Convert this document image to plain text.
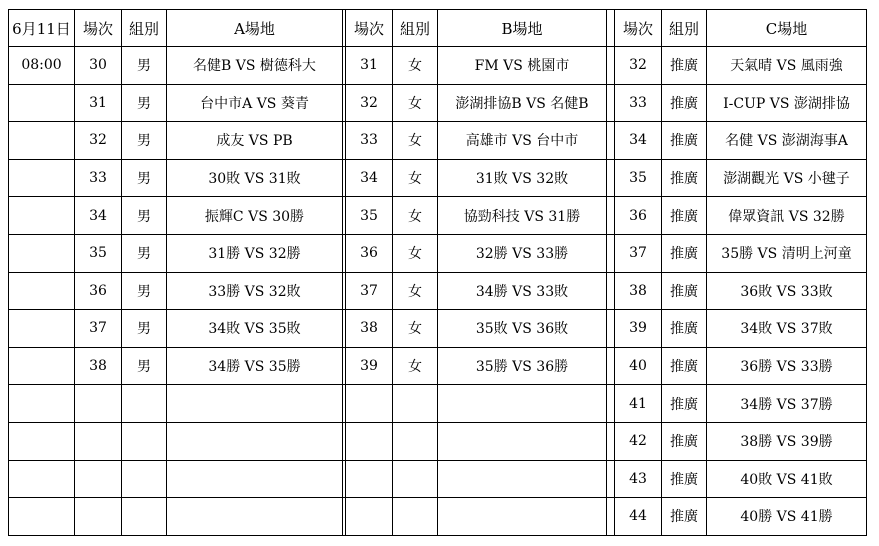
6月11日	場次	組別	A場地		場次	組別	B場地		場次	組別	C場地
08:00	30	男	名健B VS 樹德科大		31	女	FM VS 桃園市		32	推廣	天氣晴 VS 風雨強
	31	男	台中市A VS 葵青		32	女	澎湖排協B VS 名健B		33	推廣	I-CUP VS 澎湖排協
	32	男	成友 VS PB		33	女	高雄市 VS 台中市		34	推廣	名健 VS 澎湖海事A
	33	男	30敗 VS 31敗		34	女	31敗 VS 32敗		35	推廣	澎湖觀光 VS 小毽子
	34	男	振輝C VS 30勝		35	女	協勁科技 VS 31勝		36	推廣	偉眾資訊 VS 32勝
	35	男	31勝 VS 32勝		36	女	32勝 VS 33勝		37	推廣	35勝 VS 清明上河童
	36	男	33勝 VS 32敗		37	女	34勝 VS 33敗		38	推廣	36敗 VS 33敗
	37	男	34敗 VS 35敗		38	女	35敗 VS 36敗		39	推廣	34敗 VS 37敗
	38	男	34勝 VS 35勝		39	女	35勝 VS 36勝		40	推廣	36勝 VS 33勝
									41	推廣	34勝 VS 37勝
									42	推廣	38勝 VS 39勝
									43	推廣	40敗 VS 41敗
									44	推廣	40勝 VS 41勝
